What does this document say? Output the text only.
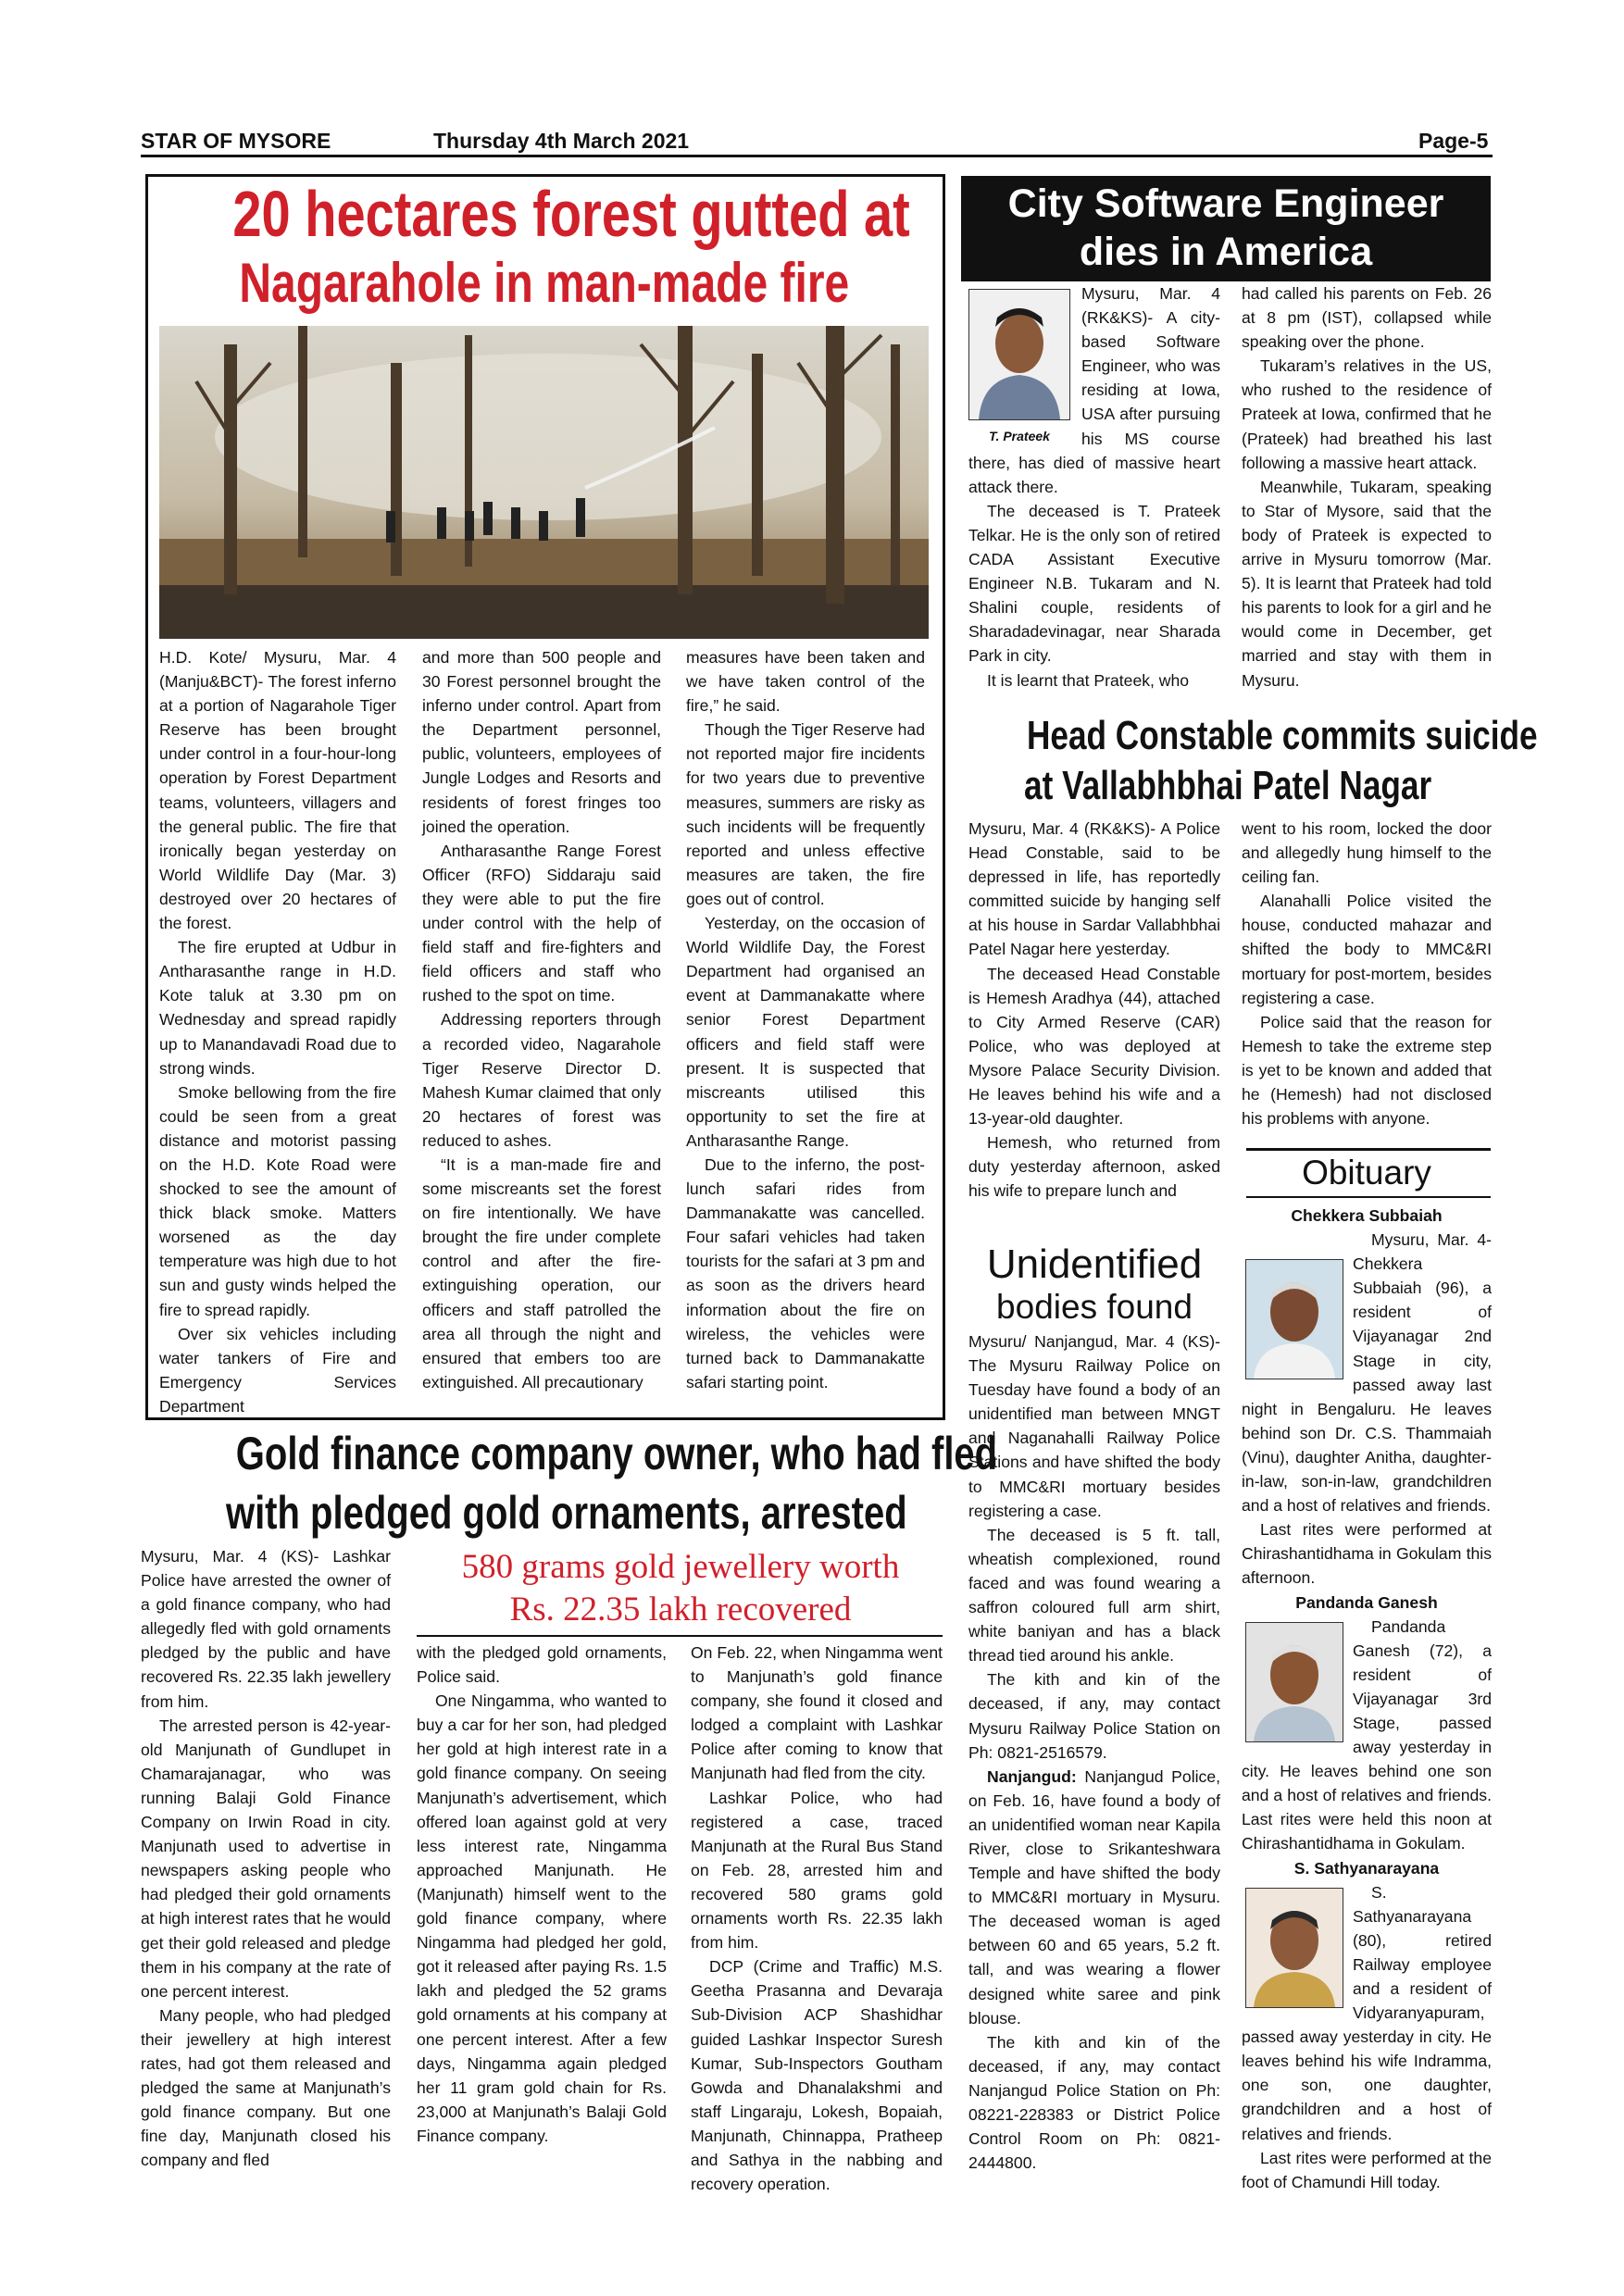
STAR OF MYSORE	Thursday 4th March 2021	Page-5
20 hectares forest gutted at
Nagarahole in man-made fire

H.D. Kote/ Mysuru, Mar. 4 (Manju&BCT)- The forest inferno at a portion of Nagarahole Tiger Reserve has been brought under control in a four-hour-long operation by Forest Department teams, volunteers, villagers and the general public. The fire that ironically began yesterday on World Wildlife Day (Mar. 3) destroyed over 20 hectares of the forest.

The fire erupted at Udbur in Antharasanthe range in H.D. Kote taluk at 3.30 pm on Wednesday and spread rapidly up to Manandavadi Road due to strong winds.

Smoke bellowing from the fire could be seen from a great distance and motorist passing on the H.D. Kote Road were shocked to see the amount of thick black smoke. Matters worsened as the day temperature was high due to hot sun and gusty winds helped the fire to spread rapidly.

Over six vehicles including water tankers of Fire and Emergency Services Department

and more than 500 people and 30 Forest personnel brought the inferno under control. Apart from the Department personnel, public, volunteers, employees of Jungle Lodges and Resorts and residents of forest fringes too joined the operation.

Antharasanthe Range Forest Officer (RFO) Siddaraju said they were able to put the fire under control with the help of field staff and fire-fighters and field officers and staff who rushed to the spot on time.

Addressing reporters through a recorded video, Nagarahole Tiger Reserve Director D. Mahesh Kumar claimed that only 20 hectares of forest was reduced to ashes.

“It is a man-made fire and some miscreants set the forest on fire intentionally. We have brought the fire under complete control and after the fire-extinguishing operation, our officers and staff patrolled the area all through the night and ensured that embers too are extinguished. All precautionary

measures have been taken and we have taken control of the fire,” he said.

Though the Tiger Reserve had not reported major fire incidents for two years due to preventive measures, summers are risky as such incidents will be frequently reported and unless effective measures are taken, the fire goes out of control.

Yesterday, on the occasion of World Wildlife Day, the Forest Department had organised an event at Dammanakatte where senior Forest Department officers and field staff were present. It is suspected that miscreants utilised this opportunity to set the fire at Antharasanthe Range.

Due to the inferno, the post-lunch safari rides from Dammanakatte was cancelled. Four safari vehicles had taken tourists for the safari at 3 pm and as soon as the drivers heard information about the fire on wireless, the vehicles were turned back to Dammanakatte safari starting point.

City Software Engineer
dies in America
T. Prateek

Mysuru, Mar. 4 (RK&KS)- A city-based Software Engineer, who was residing at Iowa, USA after pursuing his MS course there, has died of massive heart attack there.

The deceased is T. Prateek Telkar. He is the only son of retired CADA Assistant Executive Engineer N.B. Tukaram and N. Shalini couple, residents of Sharadadevinagar, near Sharada Park in city.

It is learnt that Prateek, who

had called his parents on Feb. 26 at 8 pm (IST), collapsed while speaking over the phone.

Tukaram’s relatives in the US, who rushed to the residence of Prateek at Iowa, confirmed that he (Prateek) had breathed his last following a massive heart attack.

Meanwhile, Tukaram, speaking to Star of Mysore, said that the body of Prateek is expected to arrive in Mysuru tomorrow (Mar. 5). It is learnt that Prateek had told his parents to look for a girl and he would come in December, get married and stay with them in Mysuru.

Head Constable commits suicide
at Vallabhbhai Patel Nagar

Mysuru, Mar. 4 (RK&KS)- A Police Head Constable, said to be depressed in life, has reportedly committed suicide by hanging self at his house in Sardar Vallabhbhai Patel Nagar here yesterday.

The deceased Head Constable is Hemesh Aradhya (44), attached to City Armed Reserve (CAR) Police, who was deployed at Mysore Palace Security Division. He leaves behind his wife and a 13-year-old daughter.

Hemesh, who returned from duty yesterday afternoon, asked his wife to prepare lunch and

went to his room, locked the door and allegedly hung himself to the ceiling fan.

Alanahalli Police visited the house, conducted mahazar and shifted the body to MMC&RI mortuary for post-mortem, besides registering a case.

Police said that the reason for Hemesh to take the extreme step is yet to be known and added that he (Hemesh) had not disclosed his problems with anyone.

Unidentified
bodies found

Mysuru/ Nanjangud, Mar. 4 (KS)- The Mysuru Railway Police on Tuesday have found a body of an unidentified man between MNGT and Naganahalli Railway Police Stations and have shifted the body to MMC&RI mortuary besides registering a case.

The deceased is 5 ft. tall, wheatish complexioned, round faced and was found wearing a saffron coloured full arm shirt, white baniyan and has a black thread tied around his ankle.

The kith and kin of the deceased, if any, may contact Mysuru Railway Police Station on Ph: 0821-2516579.

Nanjangud: Nanjangud Police, on Feb. 16, have found a body of an unidentified woman near Kapila River, close to Srikanteshwara Temple and have shifted the body to MMC&RI mortuary in Mysuru. The deceased woman is aged between 60 and 65 years, 5.2 ft. tall, and was wearing a flower designed white saree and pink blouse.

The kith and kin of the deceased, if any, may contact Nanjangud Police Station on Ph: 08221-228383 or District Police Control Room on Ph: 0821-2444800.

Obituary
Chekkera Subbaiah

Mysuru, Mar. 4-Chekkera Subbaiah (96), a resident of Vijayanagar 2nd Stage in city, passed away last night in Bengaluru. He leaves behind son Dr. C.S. Thammaiah (Vinu), daughter Anitha, daughter-in-law, son-in-law, grandchildren and a host of relatives and friends.

Last rites were performed at Chirashantidhama in Gokulam this afternoon.

Pandanda Ganesh

Pandanda Ganesh (72), a resident of Vijayanagar 3rd Stage, passed away yesterday in city. He leaves behind one son and a host of relatives and friends. Last rites were held this noon at Chirashantidhama in Gokulam.

S. Sathyanarayana

S. Sathyanarayana (80), retired Railway employee and a resident of Vidyaranyapuram, passed away yesterday in city. He leaves behind his wife Indramma, one son, one daughter, grandchildren and a host of relatives and friends.

Last rites were performed at the foot of Chamundi Hill today.

Gold finance company owner, who had fled
with pledged gold ornaments, arrested

Mysuru, Mar. 4 (KS)- Lashkar Police have arrested the owner of a gold finance company, who had allegedly fled with gold ornaments pledged by the public and have recovered Rs. 22.35 lakh jewellery from him.

The arrested person is 42-year-old Manjunath of Gundlupet in Chamarajanagar, who was running Balaji Gold Finance Company on Irwin Road in city. Manjunath used to advertise in newspapers asking people who had pledged their gold ornaments at high interest rates that he would get their gold released and pledge them in his company at the rate of one percent interest.

Many people, who had pledged their jewellery at high interest rates, had got them released and pledged the same at Manjunath’s gold finance company. But one fine day, Manjunath closed his company and fled

580 grams gold jewellery worth
Rs. 22.35 lakh recovered

with the pledged gold ornaments, Police said.

One Ningamma, who wanted to buy a car for her son, had pledged her gold at high interest rate in a gold finance company. On seeing Manjunath’s advertisement, which offered loan against gold at very less interest rate, Ningamma approached Manjunath. He (Manjunath) himself went to the gold finance company, where Ningamma had pledged her gold, got it released after paying Rs. 1.5 lakh and pledged the 52 grams gold ornaments at his company at one percent interest. After a few days, Ningamma again pledged her 11 gram gold chain for Rs. 23,000 at Manjunath’s Balaji Gold Finance company.

On Feb. 22, when Ningamma went to Manjunath’s gold finance company, she found it closed and lodged a complaint with Lashkar Police after coming to know that Manjunath had fled from the city.

Lashkar Police, who had registered a case, traced Manjunath at the Rural Bus Stand on Feb. 28, arrested him and recovered 580 grams gold ornaments worth Rs. 22.35 lakh from him.

DCP (Crime and Traffic) M.S. Geetha Prasanna and Devaraja Sub-Division ACP Shashidhar guided Lashkar Inspector Suresh Kumar, Sub-Inspectors Goutham Gowda and Dhanalakshmi and staff Lingaraju, Lokesh, Bopaiah, Manjunath, Chinnappa, Pratheep and Sathya in the nabbing and recovery operation.
